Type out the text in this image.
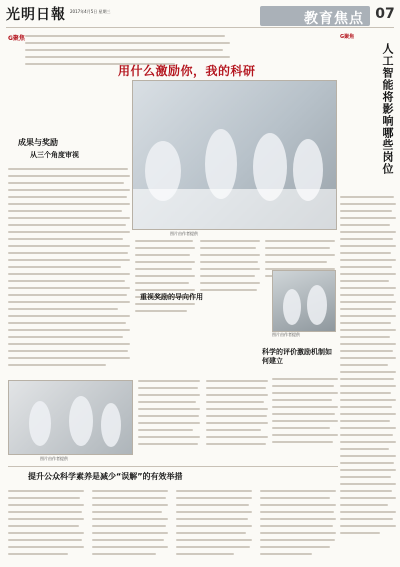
光明日報	2017年4月5日 星期三	教育焦点 07
G聚焦
用什么激励你，我的科研
G聚焦
人工智能将影响哪些岗位
图片由作者提供
成果与奖励
从三个角度审视
重视奖励的导向作用
图片由作者提供
图片由作者提供
科学的评价激励机制如何建立
提升公众科学素养是减少“误解”的有效举措
